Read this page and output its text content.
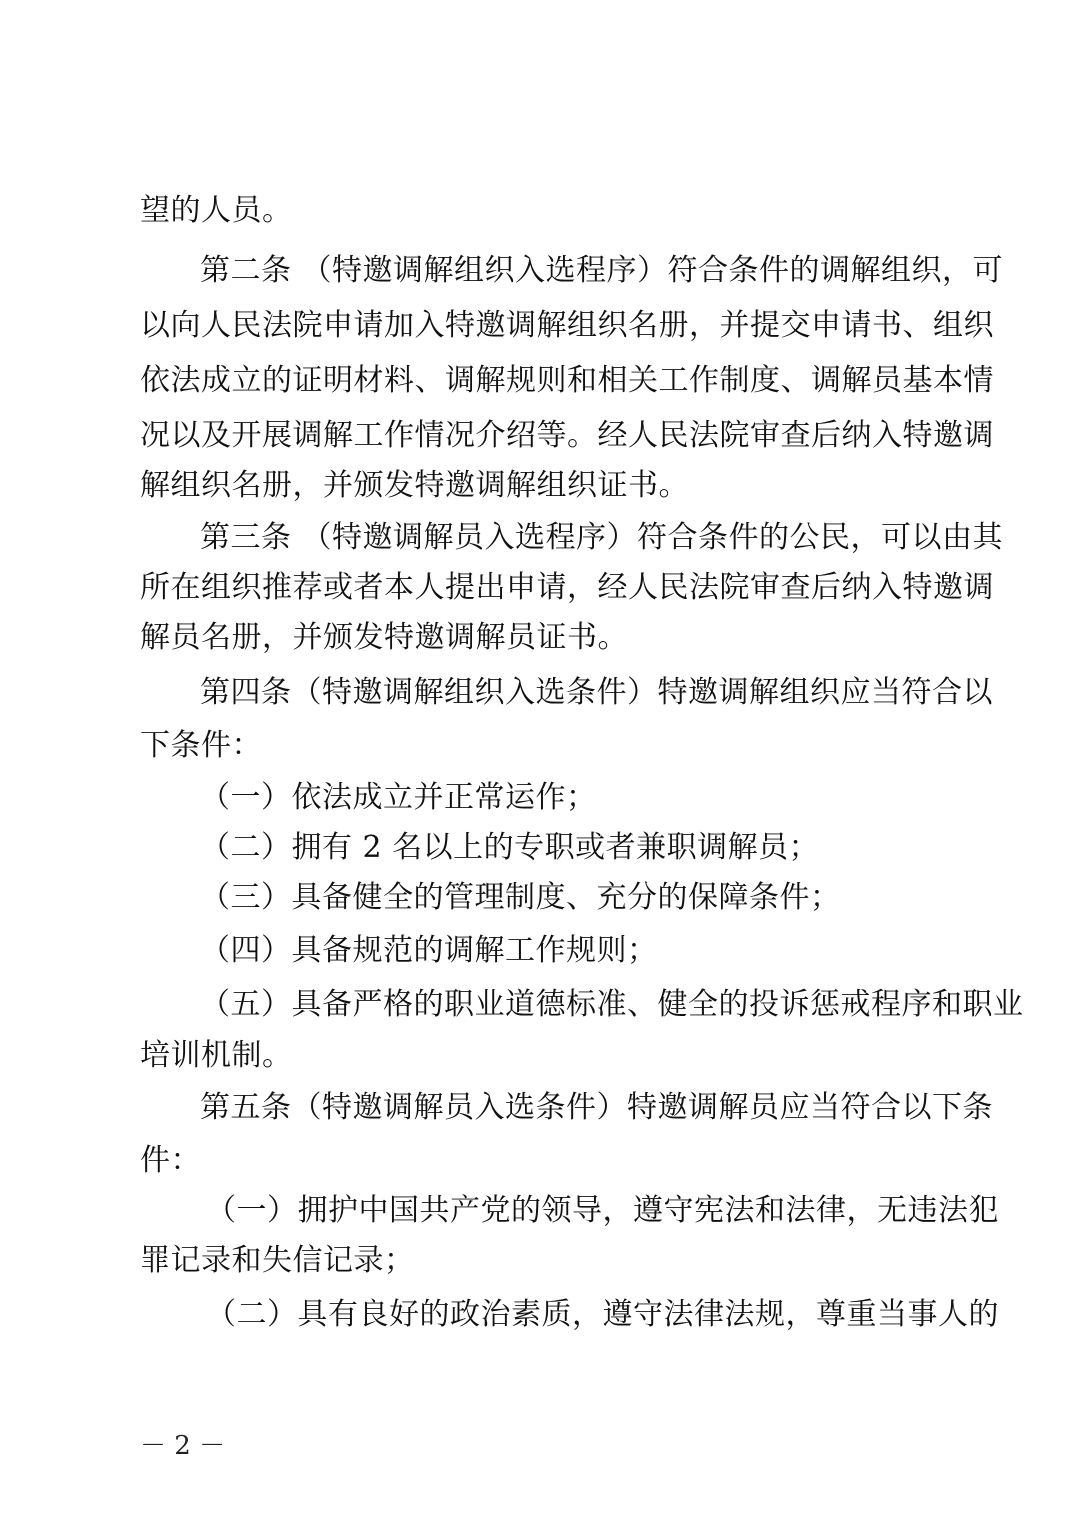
望的人员。
第二条 （特邀调解组织入选程序）符合条件的调解组织，可
以向人民法院申请加入特邀调解组织名册，并提交申请书、组织
依法成立的证明材料、调解规则和相关工作制度、调解员基本情
况以及开展调解工作情况介绍等。经人民法院审查后纳入特邀调
解组织名册，并颁发特邀调解组织证书。
第三条 （特邀调解员入选程序）符合条件的公民，可以由其
所在组织推荐或者本人提出申请，经人民法院审查后纳入特邀调
解员名册，并颁发特邀调解员证书。
第四条（特邀调解组织入选条件）特邀调解组织应当符合以
下条件：
（一）依法成立并正常运作；
（二）拥有 2 名以上的专职或者兼职调解员；
（三）具备健全的管理制度、充分的保障条件；
（四）具备规范的调解工作规则；
（五）具备严格的职业道德标准、健全的投诉惩戒程序和职业
培训机制。
第五条（特邀调解员入选条件）特邀调解员应当符合以下条
件：
（一）拥护中国共产党的领导，遵守宪法和法律，无违法犯
罪记录和失信记录；
（二）具有良好的政治素质，遵守法律法规，尊重当事人的
－ 2 －
